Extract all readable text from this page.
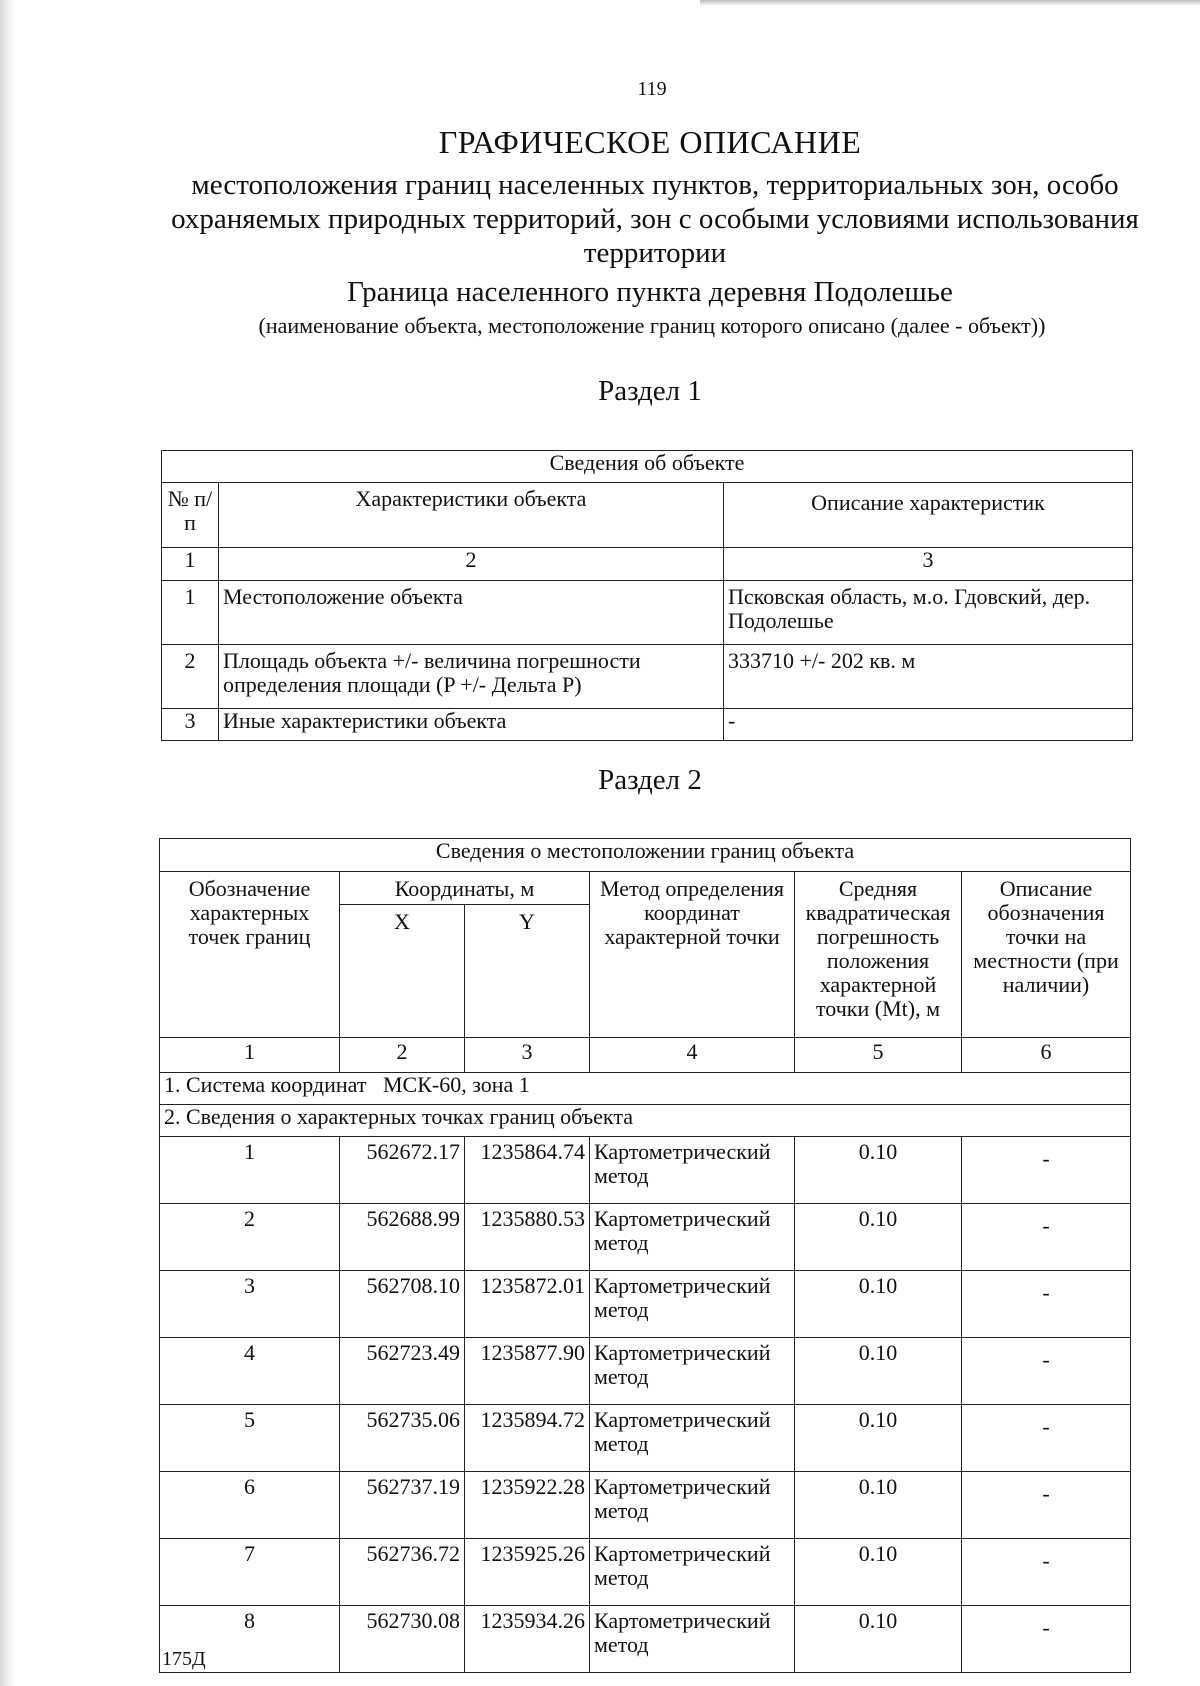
119
ГРАФИЧЕСКОЕ ОПИСАНИЕ
местоположения границ населенных пунктов, территориальных зон, особо охраняемых природных территорий, зон с особыми условиями использования территории
Граница населенного пункта деревня Подолешье
(наименование объекта, местоположение границ которого описано (далее - объект))
Раздел 1
Сведения об объекте		
№ п/п	Характеристики объекта	Описание характеристик
1	2	3
1	Местоположение объекта	Псковская область, м.о. Гдовский, дер. Подолешье
2	Площадь объекта +/- величина погрешности определения площади (P +/- Дельта P)	333710 +/- 202 кв. м
3	Иные характеристики объекта	-
Раздел 2
Сведения о местоположении границ объекта					
Обозначение характерных точек границ	Координаты, м		Метод определения координат характерной точки	Средняя квадратическая погрешность положения характерной точки (Mt), м	Описание обозначения точки на местности (при наличии)
	X	Y			
1	2	3	4	5	6
1. Система координат   МСК-60, зона 1					
2. Сведения о характерных точках границ объекта					
1	562672.17	1235864.74	Картометрический метод	0.10	-
2	562688.99	1235880.53	Картометрический метод	0.10	-
3	562708.10	1235872.01	Картометрический метод	0.10	-
4	562723.49	1235877.90	Картометрический метод	0.10	-
5	562735.06	1235894.72	Картометрический метод	0.10	-
6	562737.19	1235922.28	Картометрический метод	0.10	-
7	562736.72	1235925.26	Картометрический метод	0.10	-
8	562730.08	1235934.26	Картометрический метод	0.10	-
175Д
